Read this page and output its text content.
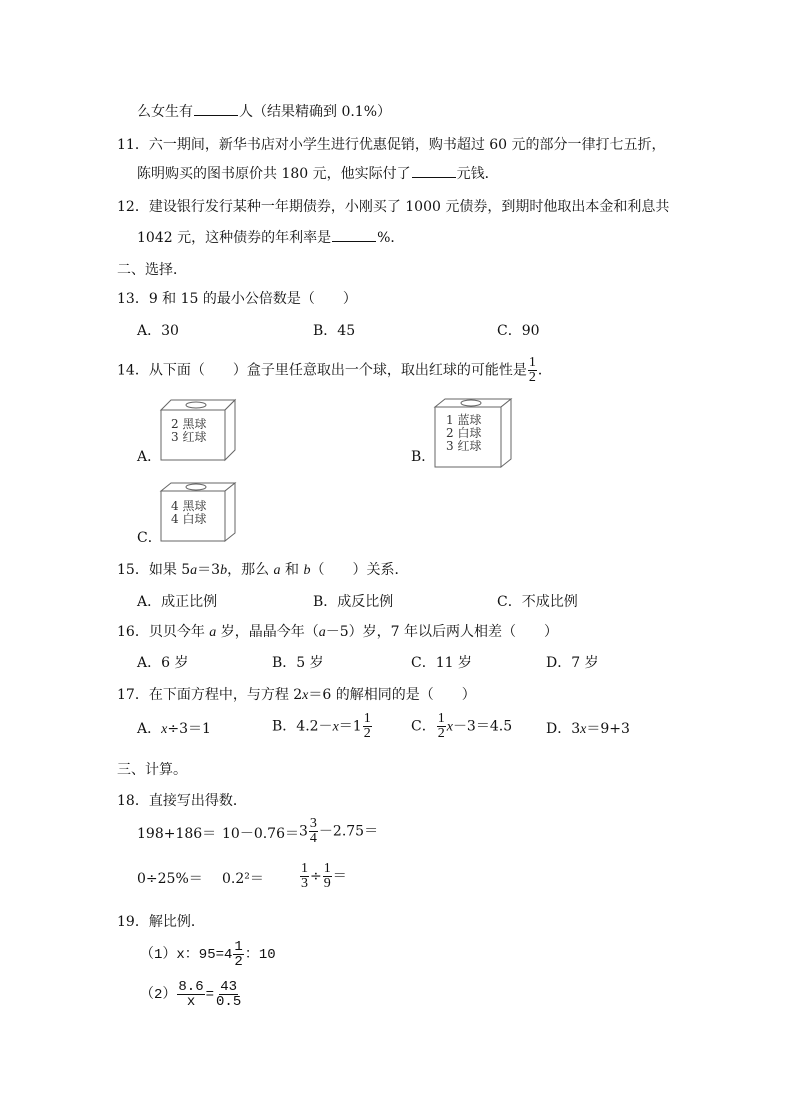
么女生有	人（结果精确到 0.1%）
11．六一期间，新华书店对小学生进行优惠促销，购书超过 60 元的部分一律打七五折，
陈明购买的图书原价共 180 元，他实际付了	元钱．
12．建设银行发行某种一年期债券，小刚买了 1000 元债券，到期时他取出本金和利息共
1042 元，这种债券的年利率是	%．
二、选择．
13．9 和 15 的最小公倍数是（　　）
A．30	B．45	C．90
14．从下面（　　）盒子里任意取出一个球，取出红球的可能性是 $\frac{1}{2}$ ．
2 黑球
3 红球
A．
1 蓝球
2 白球
3 红球
B．
4 黑球
4 白球
C．
15．如果 5a＝3b，那么 a 和 b（　　）关系．
A．成正比例	B．成反比例	C．不成比例
16．贝贝今年 a 岁，晶晶今年（a－5）岁，7 年以后两人相差（　　）
A．6 岁	B．5 岁	C．11 岁	D．7 岁
17．在下面方程中，与方程 2x＝6 的解相同的是（　　）
A．x÷3＝1	B．$4.2-x=1 \frac{1}{2}$	C． $\frac{1}{2} x-3=4.5$ D．3x＝9+3
三、计算。
18．直接写出得数．
$198+186= 10-0.76= 3 \frac{3}{4} -2.75=$
0÷25%＝ 0.2²＝	$\frac{1}{3} \div \frac{1}{9}$ ＝
19．解比例．
（1）x：$95=4 \frac{1}{2}$ ：10
$(2) \frac{8.6}{x} = \frac{43}{0.5}$
